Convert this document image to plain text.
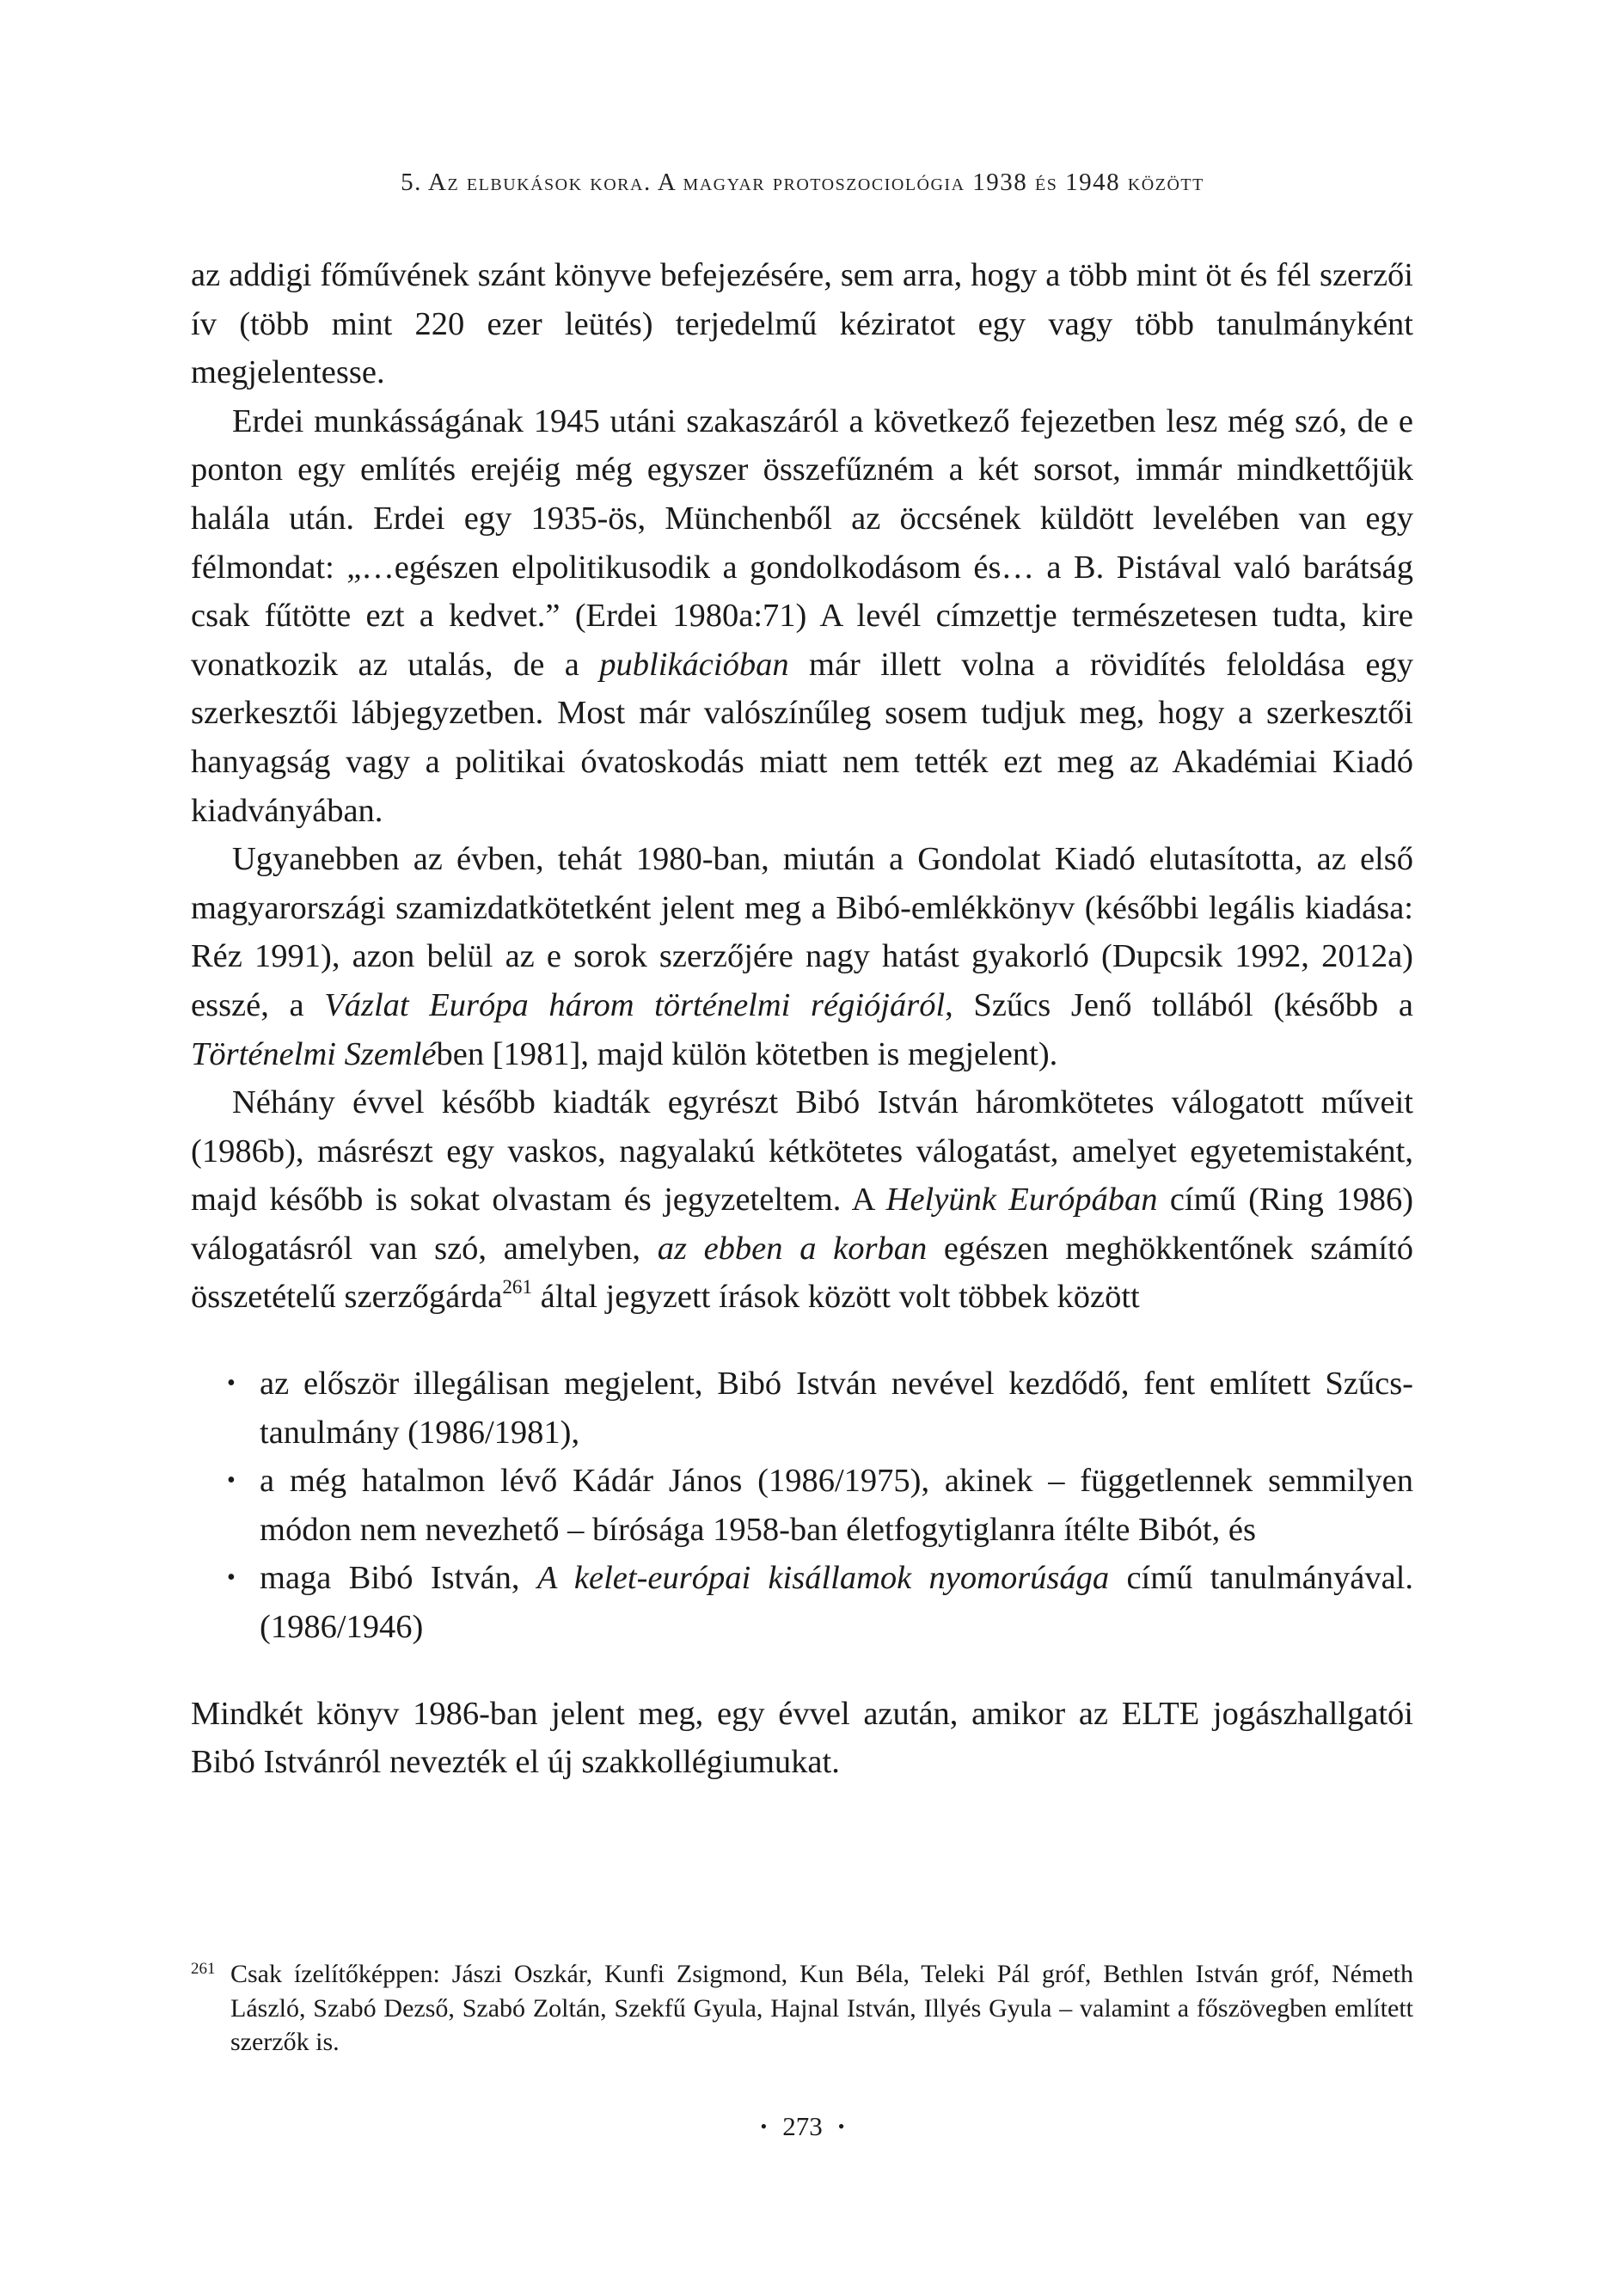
5. Az elbukások kora. A magyar protoszociológia 1938 és 1948 között

az addigi főművének szánt könyve befejezésére, sem arra, hogy a több mint öt és fél szerzői ív (több mint 220 ezer leütés) terjedelmű kéziratot egy vagy több tanulmányként megjelentesse.

Erdei munkásságának 1945 utáni szakaszáról a következő fejezetben lesz még szó, de e ponton egy említés erejéig még egyszer összefűzném a két sorsot, immár mindkettőjük halála után. Erdei egy 1935-ös, Münchenből az öccsének küldött levelében van egy félmondat: „…egészen elpolitikusodik a gondolkodásom és… a B. Pistával való barátság csak fűtötte ezt a kedvet.” (Erdei 1980a:71) A levél címzettje természetesen tudta, kire vonatkozik az utalás, de a publikációban már illett volna a rövidítés feloldása egy szerkesztői lábjegyzetben. Most már valószínűleg sosem tudjuk meg, hogy a szerkesztői hanyagság vagy a politikai óvatoskodás miatt nem tették ezt meg az Akadémiai Kiadó kiadványában.

Ugyanebben az évben, tehát 1980-ban, miután a Gondolat Kiadó elutasította, az első magyarországi szamizdatkötetként jelent meg a Bibó-emlékkönyv (későbbi legális kiadása: Réz 1991), azon belül az e sorok szerzőjére nagy hatást gyakorló (Dupcsik 1992, 2012a) esszé, a Vázlat Európa három történelmi régiójáról, Szűcs Jenő tollából (később a Történelmi Szemlében [1981], majd külön kötetben is megjelent).

Néhány évvel később kiadták egyrészt Bibó István háromkötetes válogatott műveit (1986b), másrészt egy vaskos, nagyalakú kétkötetes válogatást, amelyet egyetemistaként, majd később is sokat olvastam és jegyzeteltem. A Helyünk Európában című (Ring 1986) válogatásról van szó, amelyben, az ebben a korban egészen meghökkentőnek számító összetételű szerzőgárda$^{261}$ által jegyzett írások között volt többek között

• az először illegálisan megjelent, Bibó István nevével kezdődő, fent említett Szűcs-tanulmány (1986/1981),
• a még hatalmon lévő Kádár János (1986/1975), akinek – függetlennek semmilyen módon nem nevezhető – bírósága 1958-ban életfogytiglanra ítélte Bibót, és
• maga Bibó István, A kelet-európai kisállamok nyomorúsága című tanulmányával. (1986/1946)

Mindkét könyv 1986-ban jelent meg, egy évvel azután, amikor az ELTE jogászhallgatói Bibó Istvánról nevezték el új szakkollégiumukat.

261 Csak ízelítőképpen: Jászi Oszkár, Kunfi Zsigmond, Kun Béla, Teleki Pál gróf, Bethlen István gróf, Németh László, Szabó Dezső, Szabó Zoltán, Szekfű Gyula, Hajnal István, Illyés Gyula – valamint a főszövegben említett szerzők is.
• 273 •
